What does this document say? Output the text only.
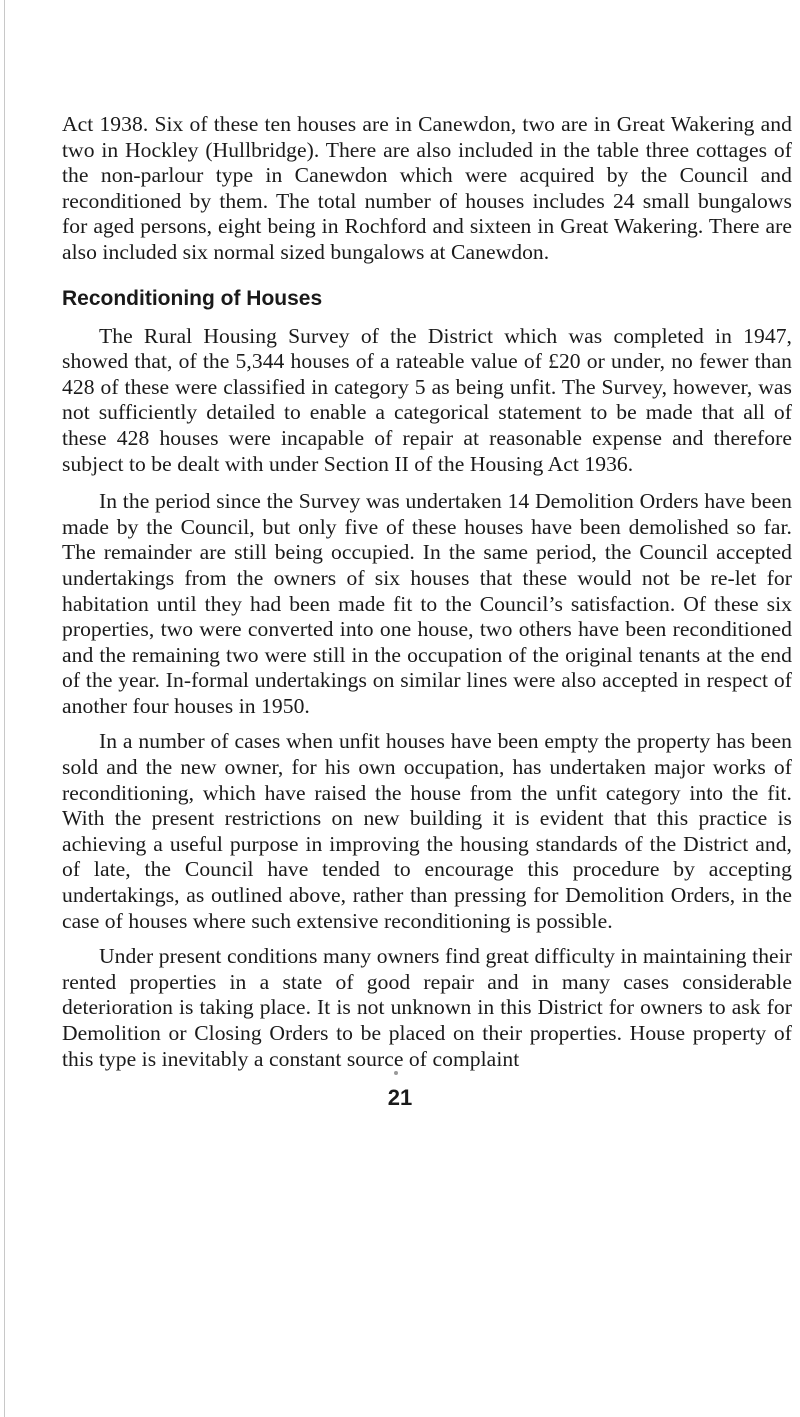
Act 1938. Six of these ten houses are in Canewdon, two are in Great Wakering and two in Hockley (Hullbridge). There are also included in the table three cottages of the non-parlour type in Canewdon which were acquired by the Council and reconditioned by them. The total number of houses includes 24 small bungalows for aged persons, eight being in Rochford and sixteen in Great Wakering. There are also included six normal sized bungalows at Canewdon.

Reconditioning of Houses

The Rural Housing Survey of the District which was completed in 1947, showed that, of the 5,344 houses of a rateable value of £20 or under, no fewer than 428 of these were classified in category 5 as being unfit. The Survey, however, was not sufficiently detailed to enable a categorical statement to be made that all of these 428 houses were incapable of repair at reasonable expense and therefore subject to be dealt with under Section II of the Housing Act 1936.

In the period since the Survey was undertaken 14 Demolition Orders have been made by the Council, but only five of these houses have been demolished so far. The remainder are still being occupied. In the same period, the Council accepted undertakings from the owners of six houses that these would not be re-let for habitation until they had been made fit to the Council’s satisfaction. Of these six properties, two were converted into one house, two others have been reconditioned and the remaining two were still in the occupation of the original tenants at the end of the year. In-formal undertakings on similar lines were also accepted in respect of another four houses in 1950.

In a number of cases when unfit houses have been empty the property has been sold and the new owner, for his own occupation, has undertaken major works of reconditioning, which have raised the house from the unfit category into the fit. With the present restrictions on new building it is evident that this practice is achieving a useful purpose in improving the housing standards of the District and, of late, the Council have tended to encourage this procedure by accepting undertakings, as outlined above, rather than pressing for Demolition Orders, in the case of houses where such extensive reconditioning is possible.

Under present conditions many owners find great difficulty in maintaining their rented properties in a state of good repair and in many cases considerable deterioration is taking place. It is not unknown in this District for owners to ask for Demolition or Closing Orders to be placed on their properties. House property of this type is inevitably a constant source of complaint

21
